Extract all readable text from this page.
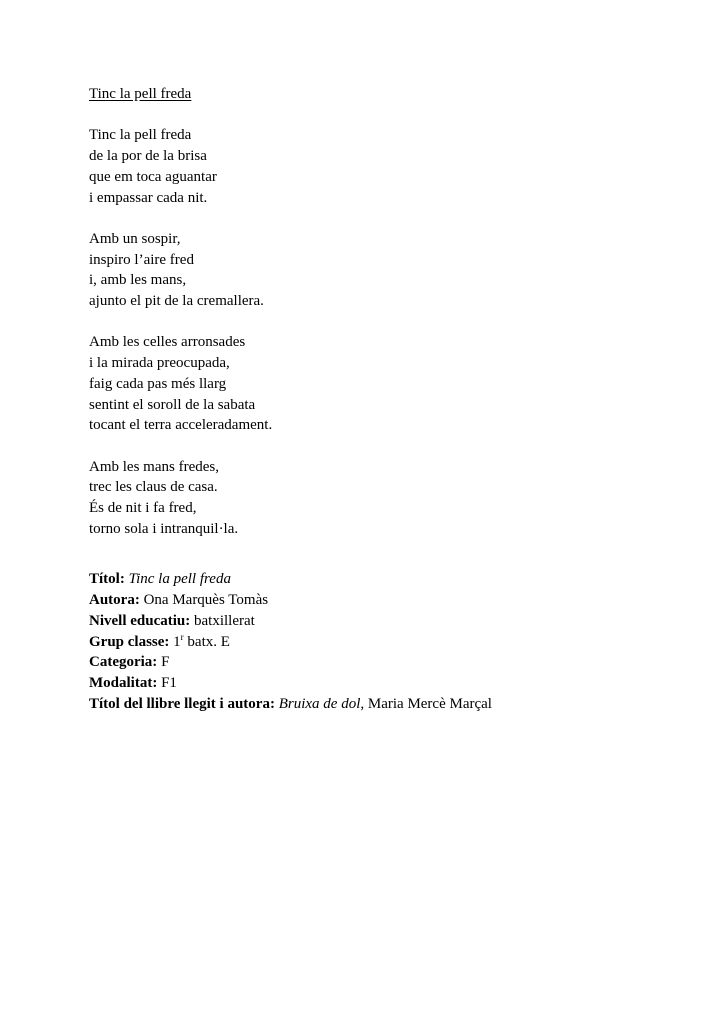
Tinc la pell freda
Tinc la pell freda
de la por de la brisa
que em toca aguantar
i empassar cada nit.
Amb un sospir,
inspiro l’aire fred
i, amb les mans,
ajunto el pit de la cremallera.
Amb les celles arronsades
i la mirada preocupada,
faig cada pas més llarg
sentint el soroll de la sabata
tocant el terra acceleradament.
Amb les mans fredes,
trec les claus de casa.
És de nit i fa fred,
torno sola i intranquil·la.
Títol: Tinc la pell freda
Autora: Ona Marquès Tomàs
Nivell educatiu: batxillerat
Grup classe: 1$^r$ batx. E
Categoria: F
Modalitat: F1
Títol del llibre llegit i autora: Bruixa de dol, Maria Mercè Marçal
